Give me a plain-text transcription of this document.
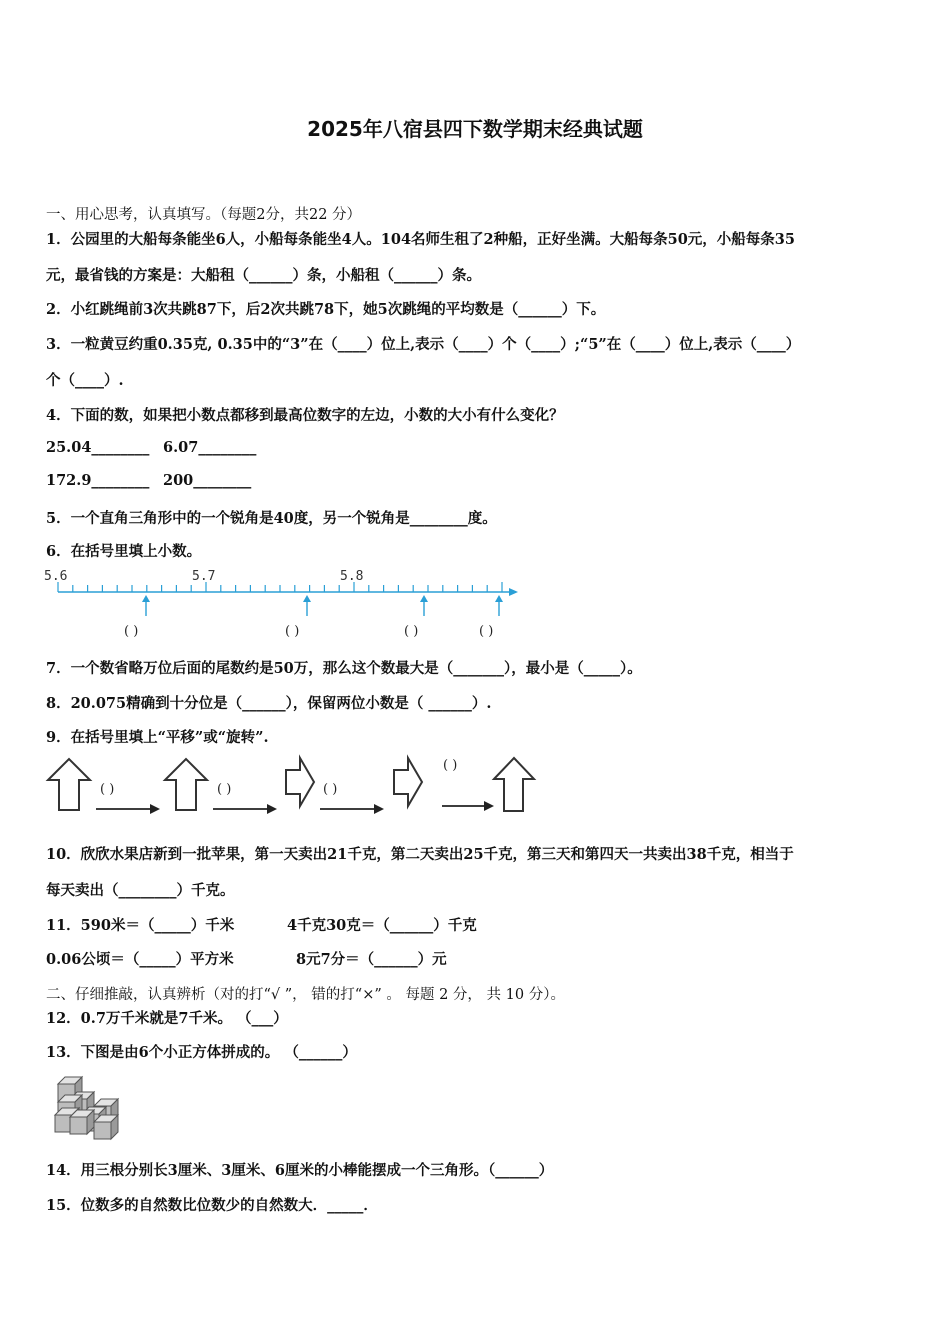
2025年八宿县四下数学期末经典试题
一、用心思考，认真填写。（每题2分，共22 分）
1．公园里的大船每条能坐6人，小船每条能坐4人。104名师生租了2种船，正好坐满。大船每条50元，小船每条35
元，最省钱的方案是：大船租（______）条，小船租（______）条。
2．小红跳绳前3次共跳87下，后2次共跳78下，她5次跳绳的平均数是（______）下。
3．一粒黄豆约重0.35克, 0.35中的“3”在（____）位上,表示（____）个（____）;“5”在（____）位上,表示（____）
个（____）.
4．下面的数，如果把小数点都移到最高位数字的左边，小数的大小有什么变化？
25.04________ 6.07________
172.9________ 200________
5．一个直角三角形中的一个锐角是40度，另一个锐角是________度。
6．在括号里填上小数。
5.6	5.7	5.8
( )	( )	( )	( )
7．一个数省略万位后面的尾数约是50万，那么这个数最大是（_______），最小是（_____）。
8．20.075精确到十分位是（______），保留两位小数是（ ______）.
9．在括号里填上“平移”或“旋转”.
( )	( )	( )
( )
10．欣欣水果店新到一批苹果，第一天卖出21千克，第二天卖出25千克，第三天和第四天一共卖出38千克，相当于
每天卖出（________）千克。
11．590米＝（_____）千米	4千克30克＝（______）千克
0.06公顷＝（_____）平方米	8元7分＝（______）元
二、仔细推敲，认真辨析（对的打“√ ”， 错的打“×” 。 每题 2 分， 共 10 分）。
12．0.7万千米就是7千米。 （___）
13．下图是由6个小正方体拼成的。 （______）
14．用三根分别长3厘米、3厘米、6厘米的小棒能摆成一个三角形。（______）
15．位数多的自然数比位数少的自然数大．_____．
